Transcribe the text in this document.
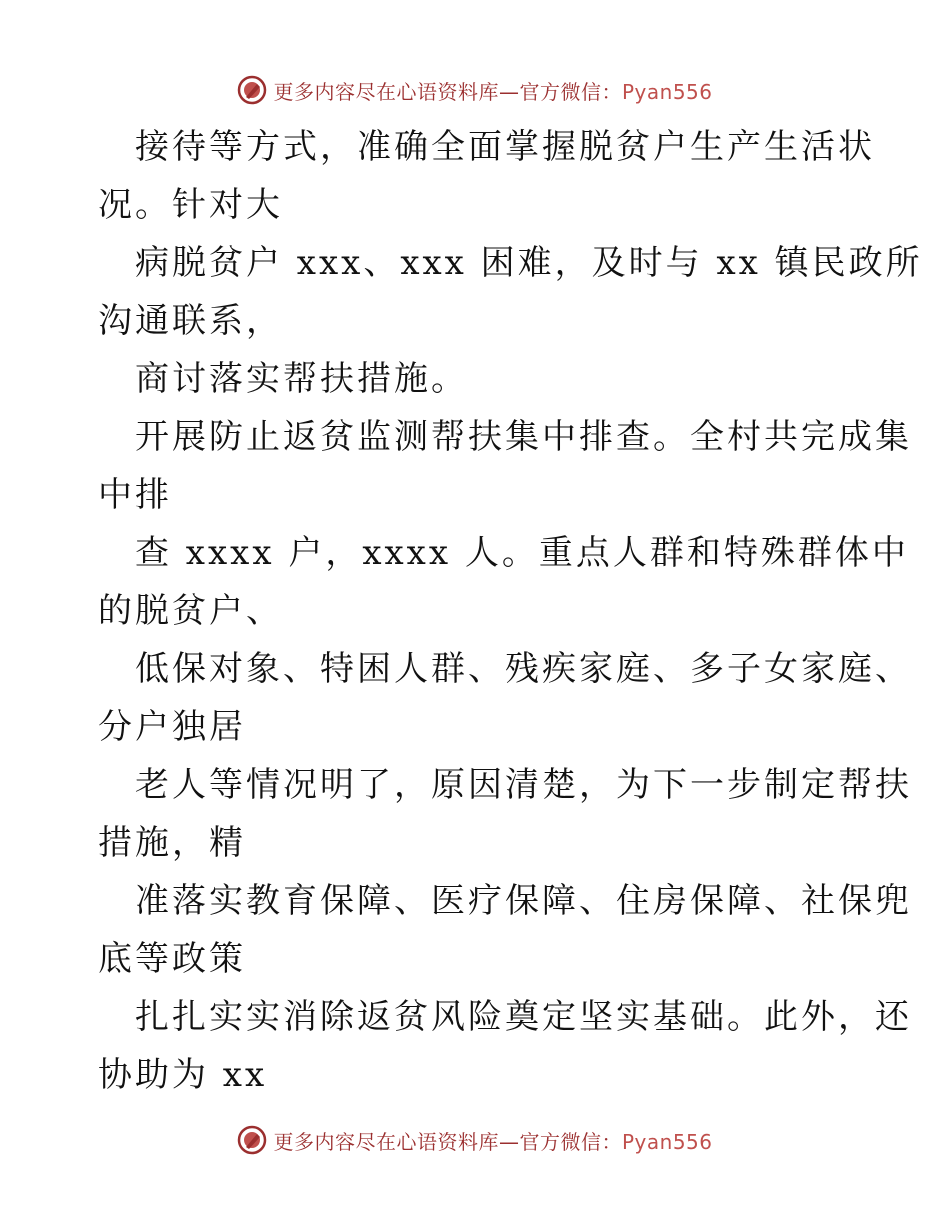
更多内容尽在心语资料库—官方微信：Pyan556
接待等方式，准确全面掌握脱贫户生产生活状
况。针对大
病脱贫户 xxx、xxx 困难，及时与 xx 镇民政所
沟通联系，
商讨落实帮扶措施。
开展防止返贫监测帮扶集中排查。全村共完成集
中排
查 xxxx 户，xxxx 人。重点人群和特殊群体中
的脱贫户、
低保对象、特困人群、残疾家庭、多子女家庭、
分户独居
老人等情况明了，原因清楚，为下一步制定帮扶
措施，精
准落实教育保障、医疗保障、住房保障、社保兜
底等政策
扎扎实实消除返贫风险奠定坚实基础。此外，还
协助为 xx
更多内容尽在心语资料库—官方微信：Pyan556
